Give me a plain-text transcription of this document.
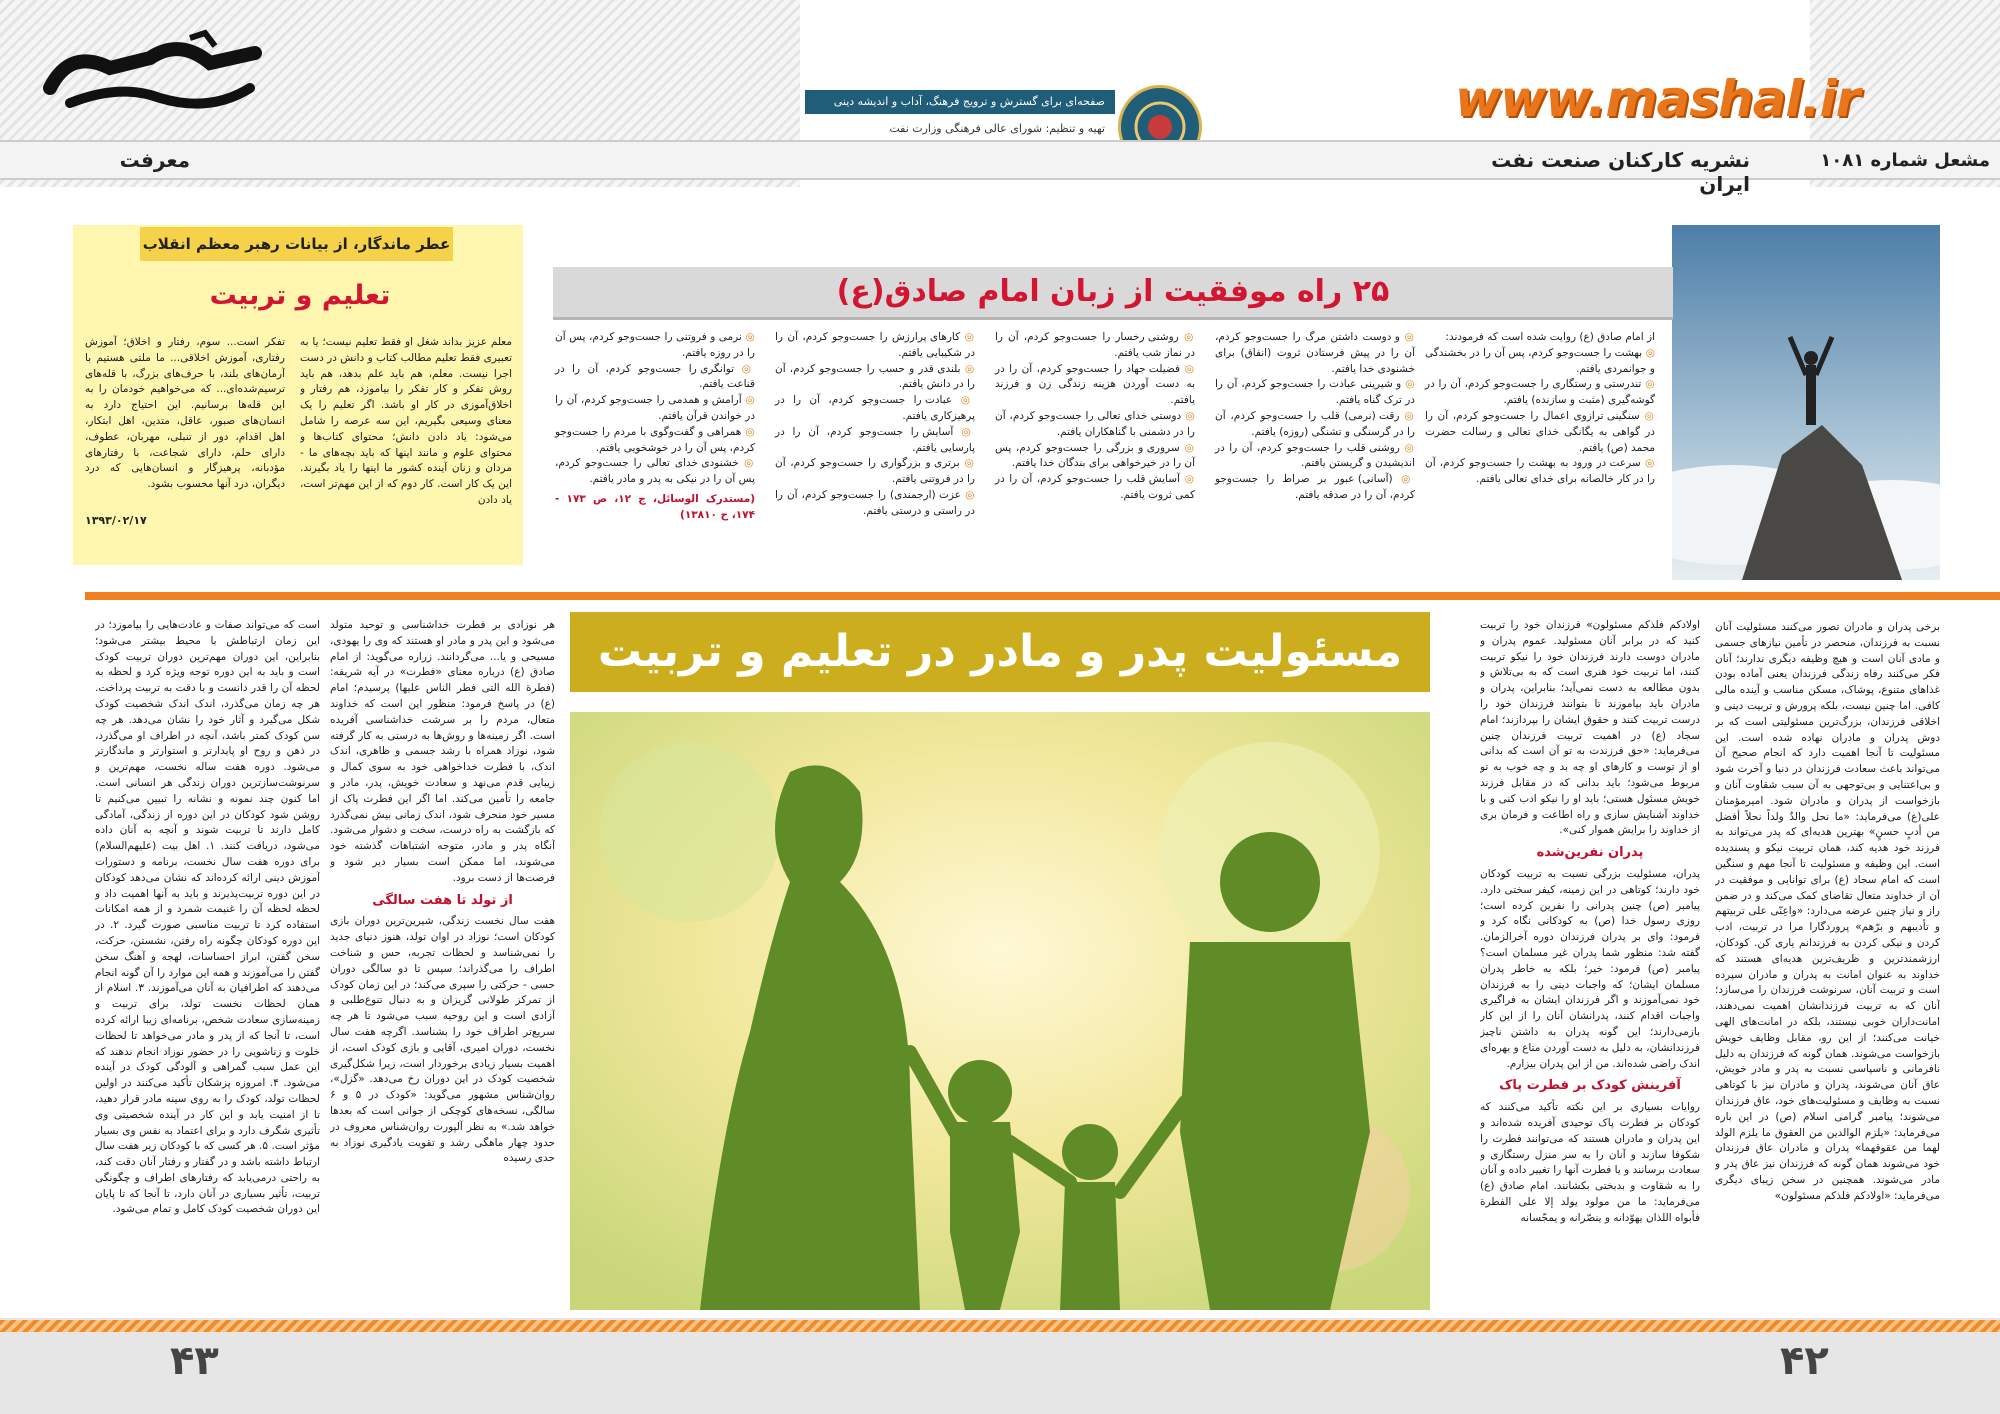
www.mashal.ir
صفحه‌ای برای گسترش و ترویج فرهنگ، آداب و اندیشه دینی
تهیه و تنظیم: شورای عالی فرهنگی وزارت نفت
مشعل شماره ۱۰۸۱
نشریه کارکنان صنعت نفت ایران
معرفت
۲۵ راه موفقیت از زبان امام صادق(ع)
از امام صادق (ع) روایت شده است که فرمودند:
◎ بهشت را جست‌وجو کردم، پس آن را در بخشندگی و جوانمردی یافتم.
◎ تندرستی و رستگاری را جست‌وجو کردم، آن را در گوشه‌گیری (مثبت و سازنده) یافتم.
◎ سنگینی ترازوی اعمال را جست‌وجو کردم، آن را در گواهی به یگانگی خدای تعالی و رسالت حضرت محمد (ص) یافتم.
◎ سرعت در ورود به بهشت را جست‌وجو کردم، آن را در کار خالصانه برای خدای تعالی یافتم.
◎ و دوست داشتن مرگ را جست‌وجو کردم، آن را در پیش فرستادن ثروت (انفاق) برای خشنودی خدا یافتم.
◎ و شیرینی عبادت را جست‌وجو کردم، آن را در ترک گناه یافتم.
◎ رقت (نرمی) قلب را جست‌وجو کردم، آن را در گرسنگی و تشنگی (روزه) یافتم.
◎ روشنی قلب را جست‌وجو کردم، آن را در اندیشیدن و گریستن یافتم.
◎ (آسانی) عبور بر صراط را جست‌وجو کردم، آن را در صدقه یافتم.
◎ روشنی رخسار را جست‌وجو کردم، آن را در نماز شب یافتم.
◎ فضیلت جهاد را جست‌وجو کردم، آن را در به دست آوردن هزینه زندگی زن و فرزند یافتم.
◎ دوستی خدای تعالی را جست‌وجو کردم، آن را در دشمنی با گناهکاران یافتم.
◎ سروری و بزرگی را جست‌وجو کردم، پس آن را در خیرخواهی برای بندگان خدا یافتم.
◎ آسایش قلب را جست‌وجو کردم، آن را در کمی ثروت یافتم.
◎ کارهای پرارزش را جست‌وجو کردم، آن را در شکیبایی یافتم.
◎ بلندی قدر و حسب را جست‌وجو کردم، آن را در دانش یافتم.
◎ عبادت را جست‌وجو کردم، آن را در پرهیزکاری یافتم.
◎ آسایش را جست‌وجو کردم، آن را در پارسایی یافتم.
◎ برتری و بزرگواری را جست‌وجو کردم، آن را در فروتنی یافتم.
◎ عزت (ارجمندی) را جست‌وجو کردم، آن را در راستی و درستی یافتم.
◎ نرمی و فروتنی را جست‌وجو کردم، پس آن را در روزه یافتم.
◎ توانگری را جست‌وجو کردم، آن را در قناعت یافتم.
◎ آرامش و همدمی را جست‌وجو کردم، آن را در خواندن قرآن یافتم.
◎ همراهی و گفت‌وگوی با مردم را جست‌وجو کردم، پس آن را در خوشخویی یافتم.
◎ خشنودی خدای تعالی را جست‌وجو کردم، پس آن را در نیکی به پدر و مادر یافتم.
(مستدرک الوسائل، ج ۱۲، ص ۱۷۳ - ۱۷۴، ح ۱۳۸۱۰)
عطر ماندگار، از بیانات رهبر معظم انقلاب
تعلیم و تربیت
معلم عزیز بداند شغل او فقط تعلیم نیست؛ یا به تعبیری فقط تعلیم مطالب کتاب و دانش در دست اجرا نیست. معلم، هم باید علم بدهد، هم باید روش تفکر و کار تفکر را بیاموزد، هم رفتار و اخلاق‌آموزی در کار او باشد. اگر تعلیم را یک معنای وسیعی بگیریم، این سه عرصه را شامل می‌شود: یاد دادن دانش؛ محتوای کتاب‌ها و محتوای علوم و مانند اینها که باید بچه‌های ما - مردان و زنان آینده کشور ما اینها را یاد بگیرند. این یک کار است. کار دوم که از این مهم‌تر است، یاد دادن
تفکر است... سوم، رفتار و اخلاق؛ آموزش رفتاری، آموزش اخلاقی... ما ملتی هستیم با آرمان‌های بلند، با حرف‌های بزرگ، با قله‌های ترسیم‌شده‌ای... که می‌خواهیم خودمان را به این قله‌ها برسانیم. این احتیاج دارد به انسان‌های صبور، عاقل، متدین، اهل ابتکار، اهل اقدام، دور از تنبلی، مهربان، عطوف، دارای حلم، دارای شجاعت، با رفتارهای مؤدبانه، پرهیزگار و انسان‌هایی که درد دیگران، درد آنها محسوب بشود.
۱۳۹۳/۰۲/۱۷
مسئولیت پدر و مادر در تعلیم و تربیت	برخی پدران و مادران تصور می‌کنند مسئولیت آنان نسبت به فرزندان، منحصر در تأمین نیازهای جسمی و مادی آنان است و هیچ وظیفه دیگری ندارند؛ آنان فکر می‌کنند رفاه زندگی فرزندان یعنی آماده بودن غذاهای متنوع، پوشاک، مسکن مناسب و آینده مالی کافی. اما چنین نیست، بلکه پرورش و تربیت دینی و اخلاقی فرزندان، بزرگ‌ترین مسئولیتی است که بر دوش پدران و مادران نهاده شده است. این مسئولیت تا آنجا اهمیت دارد که انجام صحیح آن می‌تواند باعث سعادت فرزندان در دنیا و آخرت شود و بی‌اعتنایی و بی‌توجهی به آن سبب شقاوت آنان و بازخواست از پدران و مادران شود. امیرمؤمنان علی(ع) می‌فرماید: «ما نحل والدٌ ولداً نحلاً أفضل من أدبٍ حسنٍ» بهترین هدیه‌ای که پدر می‌تواند به فرزند خود هدیه کند، همان تربیت نیکو و پسندیده است. این وظیفه و مسئولیت تا آنجا مهم و سنگین است که امام سجاد (ع) برای توانایی و موفقیت در آن از خداوند متعال تقاضای کمک می‌کند و در ضمن راز و نیاز چنین عرضه می‌دارد: «واعِنّی علی تربیتهم و تأدیبهم و برّهم» پروردگارا مرا در تربیت، ادب کردن و نیکی کردن به فرزندانم یاری کن. کودکان، ارزشمندترین و ظریف‌ترین هدیه‌ای هستند که خداوند به عنوان امانت به پدران و مادران سپرده است و تربیت آنان، سرنوشت فرزندان را می‌سازد؛ آنان که به تربیت فرزندانشان اهمیت نمی‌دهند، امانت‌داران خوبی نیستند، بلکه در امانت‌های الهی خیانت می‌کنند؛ از این رو، مقابل وظایف خویش بازخواست می‌شوند. همان گونه که فرزندان به دلیل نافرمانی و ناسپاسی نسبت به پدر و مادر خویش، عاق آنان می‌شوند، پدران و مادران نیز با کوتاهی نسبت به وظایف و مسئولیت‌های خود، عاق فرزندان می‌شوند؛ پیامبر گرامی اسلام (ص) در این باره می‌فرماید: «یلزم الوالدین من العقوق ما یلزم الولد لهما من عقوقهما» پدران و مادران عاق فرزندان خود می‌شوند همان گونه که فرزندان نیز عاق پدر و مادر می‌شوند. همچنین در سخن زیبای دیگری می‌فرماید: «اولادکم فلذکم مسئولون»
اولادکم فلذکم مسئولون» فرزندان خود را تربیت کنید که در برابر آنان مسئولید. عموم پدران و مادران دوست دارند فرزندان خود را نیکو تربیت کنند، اما تربیت خود هنری است که به بی‌تلاش و بدون مطالعه به دست نمی‌آید؛ بنابراین، پدران و مادران باید بیاموزند تا بتوانند فرزندان خود را درست تربیت کنند و حقوق ایشان را بپردازند؛ امام سجاد (ع) در اهمیت تربیت فرزندان چنین می‌فرماید: «حق فرزندت به تو آن است که بدانی او از توست و کارهای او چه بد و چه خوب به تو مربوط می‌شود؛ باید بدانی که در مقابل فرزند خویش مسئول هستی؛ باید او را نیکو ادب کنی و با خداوند آشنایش سازی و راه اطاعت و فرمان بری از خداوند را برایش هموار کنی».
پدران نفرین‌شده
پدران، مسئولیت بزرگی نسبت به تربیت کودکان خود دارند؛ کوتاهی در این زمینه، کیفر سختی دارد. پیامبر (ص) چنین پدرانی را نفرین کرده است؛ روزی رسول خدا (ص) به کودکانی نگاه کرد و فرمود: وای بر پدران فرزندان دوره آخرالزمان. گفته شد: منظور شما پدران غیر مسلمان است؟ پیامبر (ص) فرمود: خیر؛ بلکه به خاطر پدران مسلمان ایشان؛ که واجبات دینی را به فرزندان خود نمی‌آموزند و اگر فرزندان ایشان به فراگیری واجبات اقدام کنند، پدرانشان آنان را از این کار بازمی‌دارند؛ این گونه پدران به داشتن ناچیز فرزندانشان، به دلیل به دست آوردن متاع و بهره‌ای اندک راضی شده‌اند. من از این پدران بیزارم.
آفرینش کودک بر فطرت پاک
روایات بسیاری بر این نکته تأکید می‌کنند که کودکان بر فطرت پاک توحیدی آفریده شده‌اند و این پدران و مادران هستند که می‌توانند فطرت را شکوفا سازند و آنان را به سر منزل رستگاری و سعادت برسانند و یا فطرت آنها را تغییر داده و آنان را به شقاوت و بدبختی بکشانند. امام صادق (ع) می‌فرماید: ما من مولود یولد إلا علی الفطرة فأبواه اللذان یهوّدانه و ینصّرانه و یمجّسانه
هر نوزادی بر فطرت خداشناسی و توحید متولد می‌شود و این پدر و مادر او هستند که وی را یهودی، مسیحی و یا... می‌گردانند. زراره می‌گوید: از امام صادق (ع) درباره معنای «فطرت» در آیه شریفه: (فطرة الله التی فطر الناس علیها) پرسیدم؛ امام (ع) در پاسخ فرمود: منظور این است که خداوند متعال، مردم را بر سرشت خداشناسی آفریده است. اگر زمینه‌ها و روش‌ها به درستی به کار گرفته شود، نوزاد همراه با رشد جسمی و ظاهری، اندک اندک، با فطرت خداخواهی خود به سوی کمال و زیبایی قدم می‌نهد و سعادت خویش، پدر، مادر و جامعه را تأمین می‌کند. اما اگر این فطرت پاک از مسیر خود منحرف شود، اندک زمانی بیش نمی‌گذرد که بازگشت به راه درست، سخت و دشوار می‌شود. آنگاه پدر و مادر، متوجه اشتباهات گذشته خود می‌شوند، اما ممکن است بسیار دیر شود و فرصت‌ها از دست برود.
از تولد تا هفت سالگی
هفت سال نخست زندگی، شیرین‌ترین دوران بازی کودکان است؛ نوزاد در اوان تولد، هنوز دنیای جدید را نمی‌شناسد و لحظات تجربه، حس و شناخت اطراف را می‌گذراند؛ سپس تا دو سالگی دوران حسی - حرکتی را سپری می‌کند؛ در این زمان کودک از تمرکز طولانی گریزان و به دنبال تنوع‌طلبی و آزادی است و این روحیه سبب می‌شود تا هر چه سریع‌تر اطراف خود را بشناسد. اگرچه هفت سال نخست، دوران امیری، آقایی و بازی کودک است، از اهمیت بسیار زیادی برخوردار است، زیرا شکل‌گیری شخصیت کودک در این دوران رخ می‌دهد. «گزل»، روان‌شناس مشهور می‌گوید: «کودک در ۵ و ۶ سالگی، نسخه‌های کوچکی از جوانی است که بعدها خواهد شد.» به نظر آلپورت روان‌شناس معروف در حدود چهار ماهگی رشد و تقویت یادگیری نوزاد به حدی رسیده
است که می‌تواند صفات و عادت‌هایی را بیاموزد؛ در این زمان ارتباطش با محیط بیشتر می‌شود؛ بنابراین، این دوران مهم‌ترین دوران تربیت کودک است و باید به این دوره توجه ویژه کرد و لحظه به لحظه آن را قدر دانست و با دقت به تربیت پرداخت. هر چه زمان می‌گذرد، اندک اندک شخصیت کودک شکل می‌گیرد و آثار خود را نشان می‌دهد. هر چه سن کودک کمتر باشد، آنچه در اطراف او می‌گذرد، در ذهن و روح او پایدارتر و استوارتر و ماندگارتر می‌شود. دوره هفت ساله نخست، مهم‌ترین و سرنوشت‌سازترین دوران زندگی هر انسانی است. اما کنون چند نمونه و نشانه را تبیین می‌کنیم تا روشن شود کودکان در این دوره از زندگی، آمادگی کامل دارند تا تربیت شوند و آنچه به آنان داده می‌شود، دریافت کنند. ۱. اهل بیت (علیهم‌السلام) برای دوره هفت سال نخست، برنامه و دستورات آموزش دینی ارائه کرده‌اند که نشان می‌دهد کودکان در این دوره تربیت‌پذیرند و باید به آنها اهمیت داد و لحظه لحظه آن را غنیمت شمرد و از همه امکانات استفاده کرد تا تربیت مناسبی صورت گیرد. ۲. در این دوره کودکان چگونه راه رفتن، نشستن، حرکت، سخن گفتن، ابراز احساسات، لهجه و آهنگ سخن گفتن را می‌آموزند و همه این موارد را آن گونه انجام می‌دهند که اطرافیان به آنان می‌آموزند. ۳. اسلام از همان لحظات نخست تولد، برای تربیت و زمینه‌سازی سعادت شخص، برنامه‌ای زیبا ارائه کرده است، تا آنجا که از پدر و مادر می‌خواهد تا لحظات خلوت و زناشویی را در حضور نوزاد انجام ندهند که این عمل سبب گمراهی و آلودگی کودک در آینده می‌شود. ۴. امروزه پزشکان تأکید می‌کنند در اولین لحظات تولد، کودک را به روی سینه مادر قرار دهید، تا از امنیت یابد و این کار در آینده شخصیتی وی تأثیری شگرف دارد و برای اعتماد به نفس وی بسیار مؤثر است. ۵. هر کسی که با کودکان زیر هفت سال ارتباط داشته باشد و در گفتار و رفتار آنان دقت کند، به راحتی درمی‌یابد که رفتارهای اطراف و چگونگی تربیت، تأثیر بسیاری در آنان دارد، تا آنجا که تا پایان این دوران شخصیت کودک کامل و تمام می‌شود.
۴۳	۴۲
